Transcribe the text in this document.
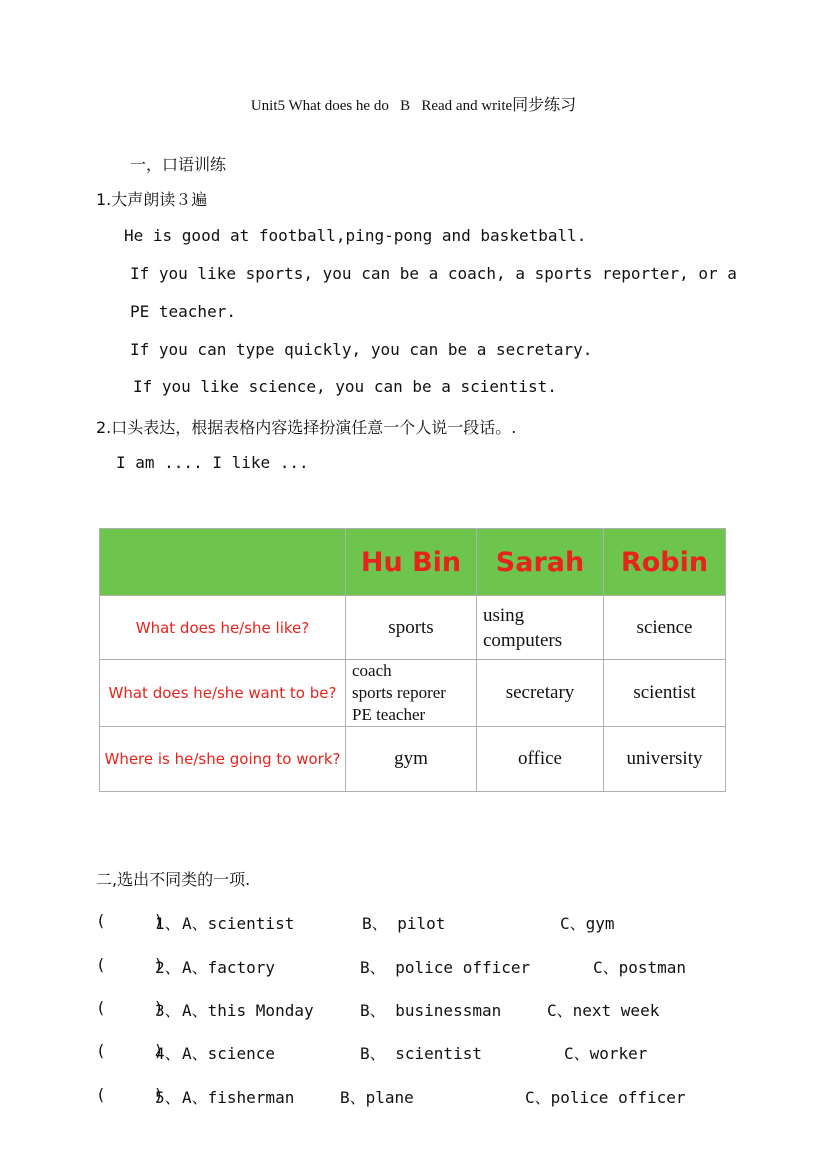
Unit5 What does he do   B   Read and write同步练习
一，口语训练
1.大声朗读３遍
He is good at football,ping-pong and basketball.
If you like sports, you can be a coach, a sports reporter, or a
PE teacher.
If you can type quickly, you can be a secretary.
If you like science, you can be a scientist.
2.口头表达，根据表格内容选择扮演任意一个人说一段话。.
I am .... I like ...
	Hu Bin	Sarah	Robin
What does he/she like?	sports	using
computers	science
What does he/she want to be?	coach
sports reporer
PE teacher	secretary	scientist
Where is he/she going to work?	gym	office	university
二,选出不同类的一项.
(     )
1、 A、scientist	B、 pilot	C、gym
(     )
2、 A、factory	B、 police officer	C、postman
(     )
3、 A、this Monday	B、 businessman	C、next week
(     )
4、 A、science	B、 scientist	C、worker
(     )
5、 A、fisherman	B、plane	C、police officer
